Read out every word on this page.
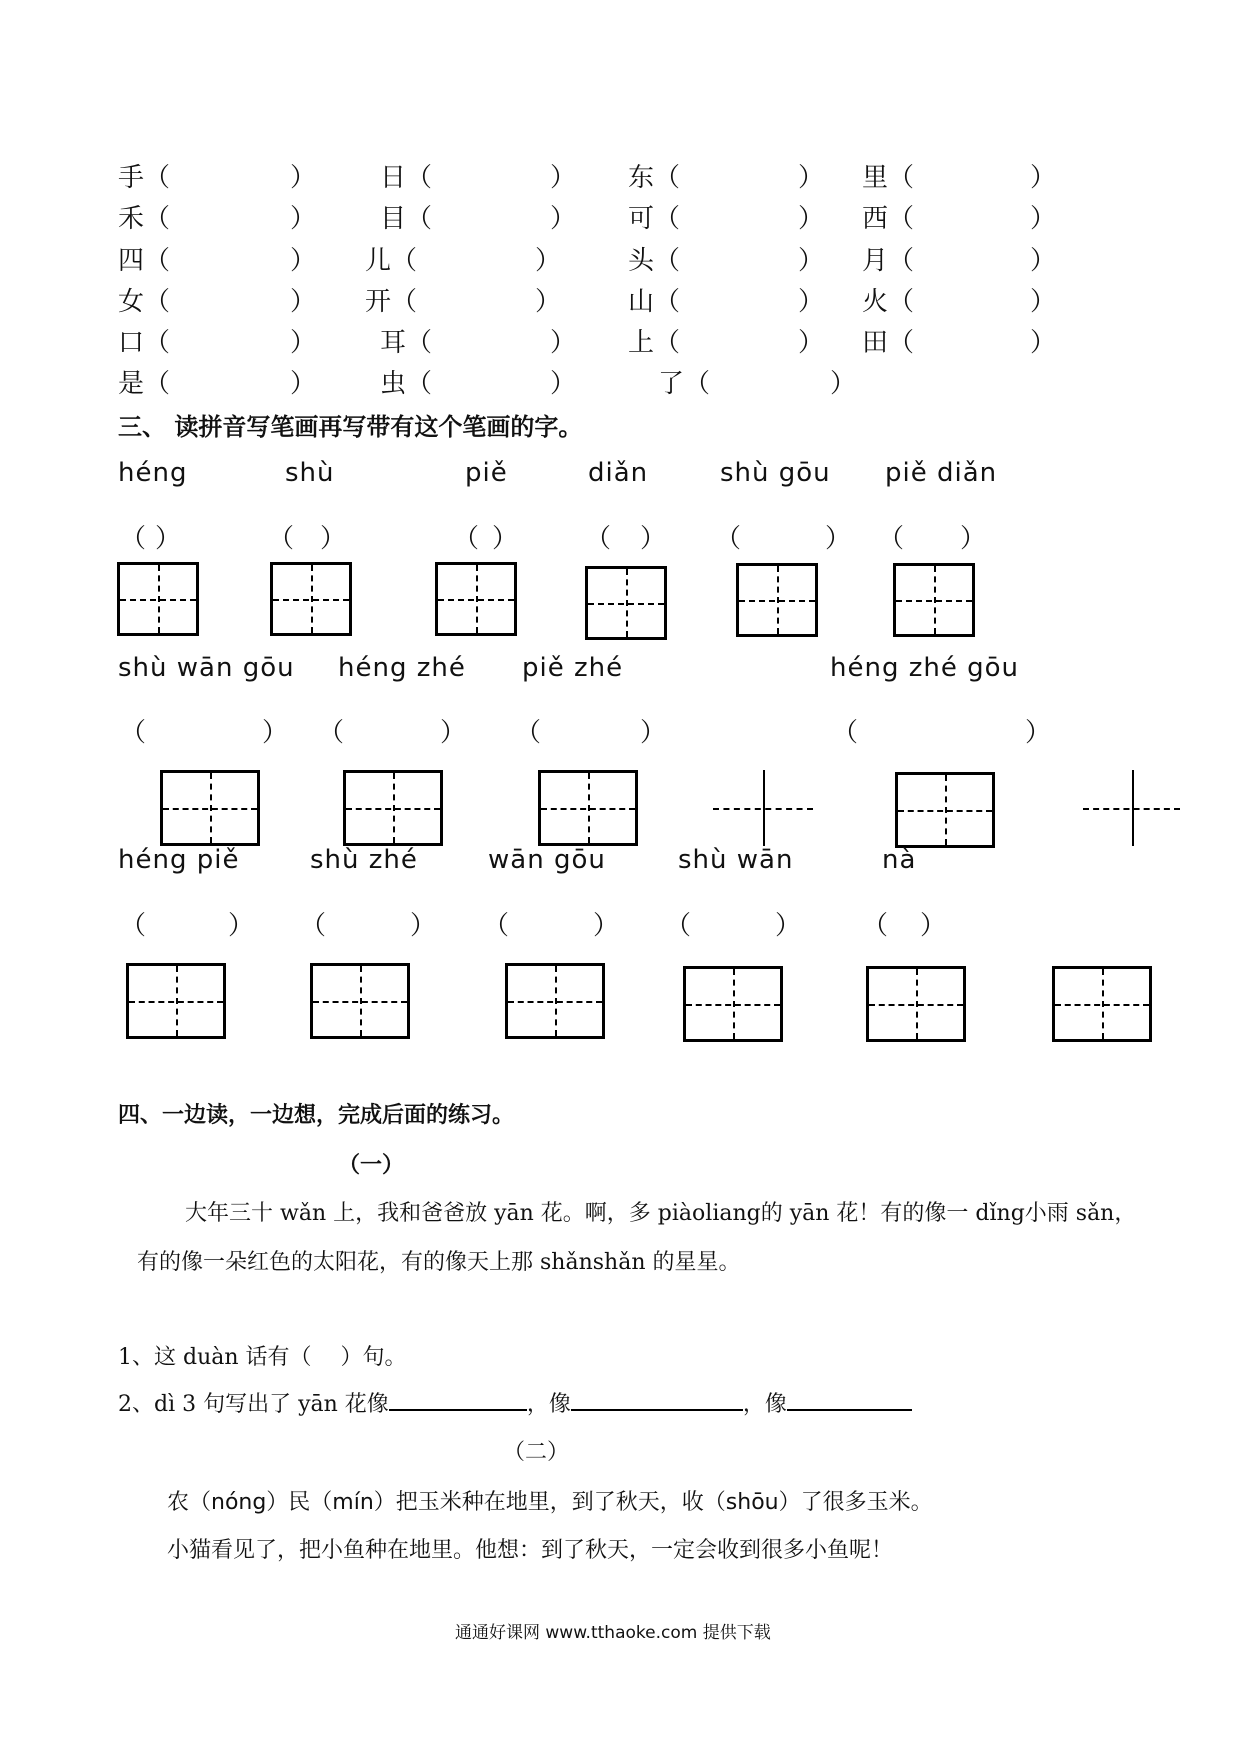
手（	） 日（	） 东（	） 里（	）
禾（	） 目（	） 可（	） 西（	）
四（	） 儿（	）	头（	） 月（	）
女（	） 开（	）	山（	） 火（	）
口（	） 耳（	） 上（	） 田（	）
是（	） 虫（	）	了（	）
三、 读拼音写笔画再写带有这个笔画的字。
héng	shù	piě	diǎn	shù gōu piě diǎn
（ ）	（ ）	（ ）	（ ） （	） （ ）
shù wān gōu héng zhé piě zhé	héng zhé gōu
（	） （	） （	）	（	）
héng piě	shù zhé	wān gōu	shù wān	nà
（	） （	） （	） （	） （ ）
四、一边读，一边想，完成后面的练习。
（一）
大年三十 wǎn 上，我和爸爸放 yān 花。啊，多 piàoliang的 yān 花！有的像一 dǐng小雨 sǎn，
有的像一朵红色的太阳花，有的像天上那 shǎnshǎn 的星星。
1、这 duàn 话有（　 ）句。
2、dì 3 句写出了 yān 花像	，像	，像
（二）
农（nóng）民（mín）把玉米种在地里，到了秋天，收（shōu）了很多玉米。
小猫看见了，把小鱼种在地里。他想：到了秋天，一定会收到很多小鱼呢！
通通好课网 www.tthaoke.com 提供下载
